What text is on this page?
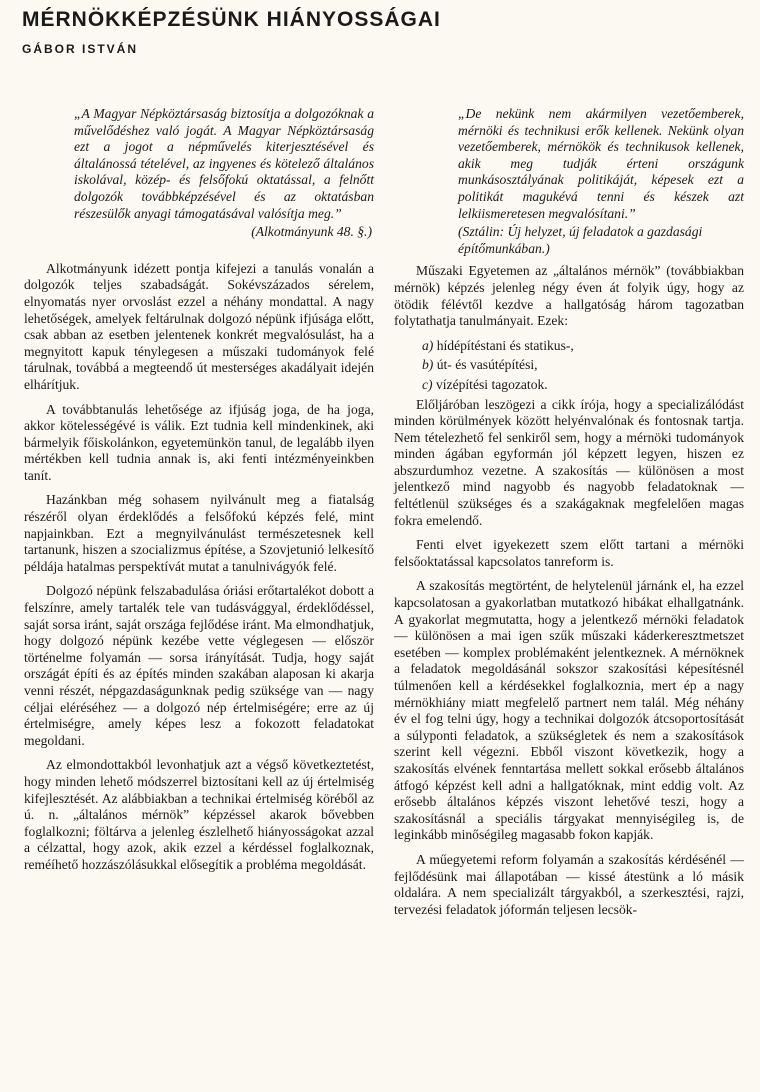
MÉRNÖKKÉPZÉSÜNK HIÁNYOSSÁGAI
GÁBOR ISTVÁN

„A Magyar Népköztársaság biztosítja a dolgozóknak a művelődéshez való jogát. A Magyar Népköztársaság ezt a jogot a népművelés kiterjesztésével és általánossá tételével, az ingyenes és kötelező általános iskolával, közép- és felsőfokú oktatással, a felnőtt dolgozók továbbképzésével és az oktatásban részesülők anyagi támogatásával valósítja meg.”

(Alkotmányunk 48. §.)

Alkotmányunk idézett pontja kifejezi a tanulás vonalán a dolgozók teljes szabadságát. Sokévszázados sérelem, elnyomatás nyer orvoslást ezzel a néhány mondattal. A nagy lehetőségek, amelyek feltárulnak dolgozó népünk ifjúsága előtt, csak abban az esetben jelentenek konkrét megvalósulást, ha a megnyitott kapuk ténylegesen a műszaki tudományok felé tárulnak, továbbá a megteendő út mesterséges akadályait idején elhárítjuk.

A továbbtanulás lehetősége az ifjúság joga, de ha joga, akkor kötelességévé is válik. Ezt tudnia kell mindenkinek, aki bármelyik főiskolánkon, egyetemünkön tanul, de legalább ilyen mértékben kell tudnia annak is, aki fenti intézményeinkben tanít.

Hazánkban még sohasem nyilvánult meg a fiatalság részéről olyan érdeklődés a felsőfokú képzés felé, mint napjainkban. Ezt a megnyilvánulást természetesnek kell tartanunk, hiszen a szocializmus építése, a Szovjetunió lelkesítő példája hatalmas perspektívát mutat a tanulnivágyók felé.

Dolgozó népünk felszabadulása óriási erőtartalékot dobott a felszínre, amely tartalék tele van tudásvággyal, érdeklődéssel, saját sorsa iránt, saját országa fejlődése iránt. Ma elmondhatjuk, hogy dolgozó népünk kezébe vette véglegesen — először történelme folyamán — sorsa irányítását. Tudja, hogy saját országát építi és az építés minden szakában alaposan ki akarja venni részét, népgazdaságunknak pedig szüksége van — nagy céljai eléréséhez — a dolgozó nép értelmiségére; erre az új értelmiségre, amely képes lesz a fokozott feladatokat megoldani.

Az elmondottakból levonhatjuk azt a végső következtetést, hogy minden lehető módszerrel biztosítani kell az új értelmiség kifejlesztését. Az alábbiakban a technikai értelmiség köréből az ú. n. „általános mérnök” képzéssel akarok bővebben foglalkozni; föltárva a jelenleg észlelhető hiányosságokat azzal a célzattal, hogy azok, akik ezzel a kérdéssel foglalkoznak, reméíhető hozzászólásukkal elősegítik a probléma megoldását.

„De nekünk nem akármilyen vezetőemberek, mérnöki és technikusi erők kellenek. Nekünk olyan vezetőemberek, mérnökök és technikusok kellenek, akik meg tudják érteni országunk munkásosztályának politikáját, képesek ezt a politikát magukévá tenni és készek azt lelkiismeretesen megvalósítani.”

(Sztálin: Új helyzet, új feladatok a gazdasági építőmunkában.)

Műszaki Egyetemen az „általános mérnök” (továbbiakban mérnök) képzés jelenleg négy éven át folyik úgy, hogy az ötödik félévtől kezdve a hallgatóság három tagozatban folytathatja tanulmányait. Ezek:

a) hídépítéstani és statikus-,
b) út- és vasútépítési,
c) vízépítési tagozatok.

Előljáróban leszögezi a cikk írója, hogy a specializálódást minden körülmények között helyénvalónak és fontosnak tartja. Nem tételezhető fel senkiről sem, hogy a mérnöki tudományok minden ágában egyformán jól képzett legyen, hiszen ez abszurdumhoz vezetne. A szakosítás — különösen a most jelentkező mind nagyobb és nagyobb feladatoknak — feltétlenül szükséges és a szakágaknak megfelelően magas fokra emelendő.

Fenti elvet igyekezett szem előtt tartani a mérnöki felsőoktatással kapcsolatos tanreform is.

A szakosítás megtörtént, de helytelenül járnánk el, ha ezzel kapcsolatosan a gyakorlatban mutatkozó hibákat elhallgatnánk. A gyakorlat megmutatta, hogy a jelentkező mérnöki feladatok — különösen a mai igen szűk műszaki káderkeresztmetszet esetében — komplex problémaként jelentkeznek. A mérnöknek a feladatok megoldásánál sokszor szakosítási képesítésnél túlmenően kell a kérdésekkel foglalkoznia, mert ép a nagy mérnökhiány miatt megfelelő partnert nem talál. Még néhány év el fog telni úgy, hogy a technikai dolgozók átcsoportosítását a súlyponti feladatok, a szükségletek és nem a szakosítások szerint kell végezni. Ebből viszont következik, hogy a szakosítás elvének fenntartása mellett sokkal erősebb általános átfogó képzést kell adni a hallgatóknak, mint eddig volt. Az erősebb általános képzés viszont lehetővé teszi, hogy a szakosításnál a speciális tárgyakat mennyiségileg is, de leginkább minőségileg magasabb fokon kapják.

A műegyetemi reform folyamán a szakosítás kérdésénél — fejlődésünk mai állapotában — kissé átestünk a ló másik oldalára. A nem specializált tárgyakból, a szerkesztési, rajzi, tervezési feladatok jóformán teljesen lecsök-
